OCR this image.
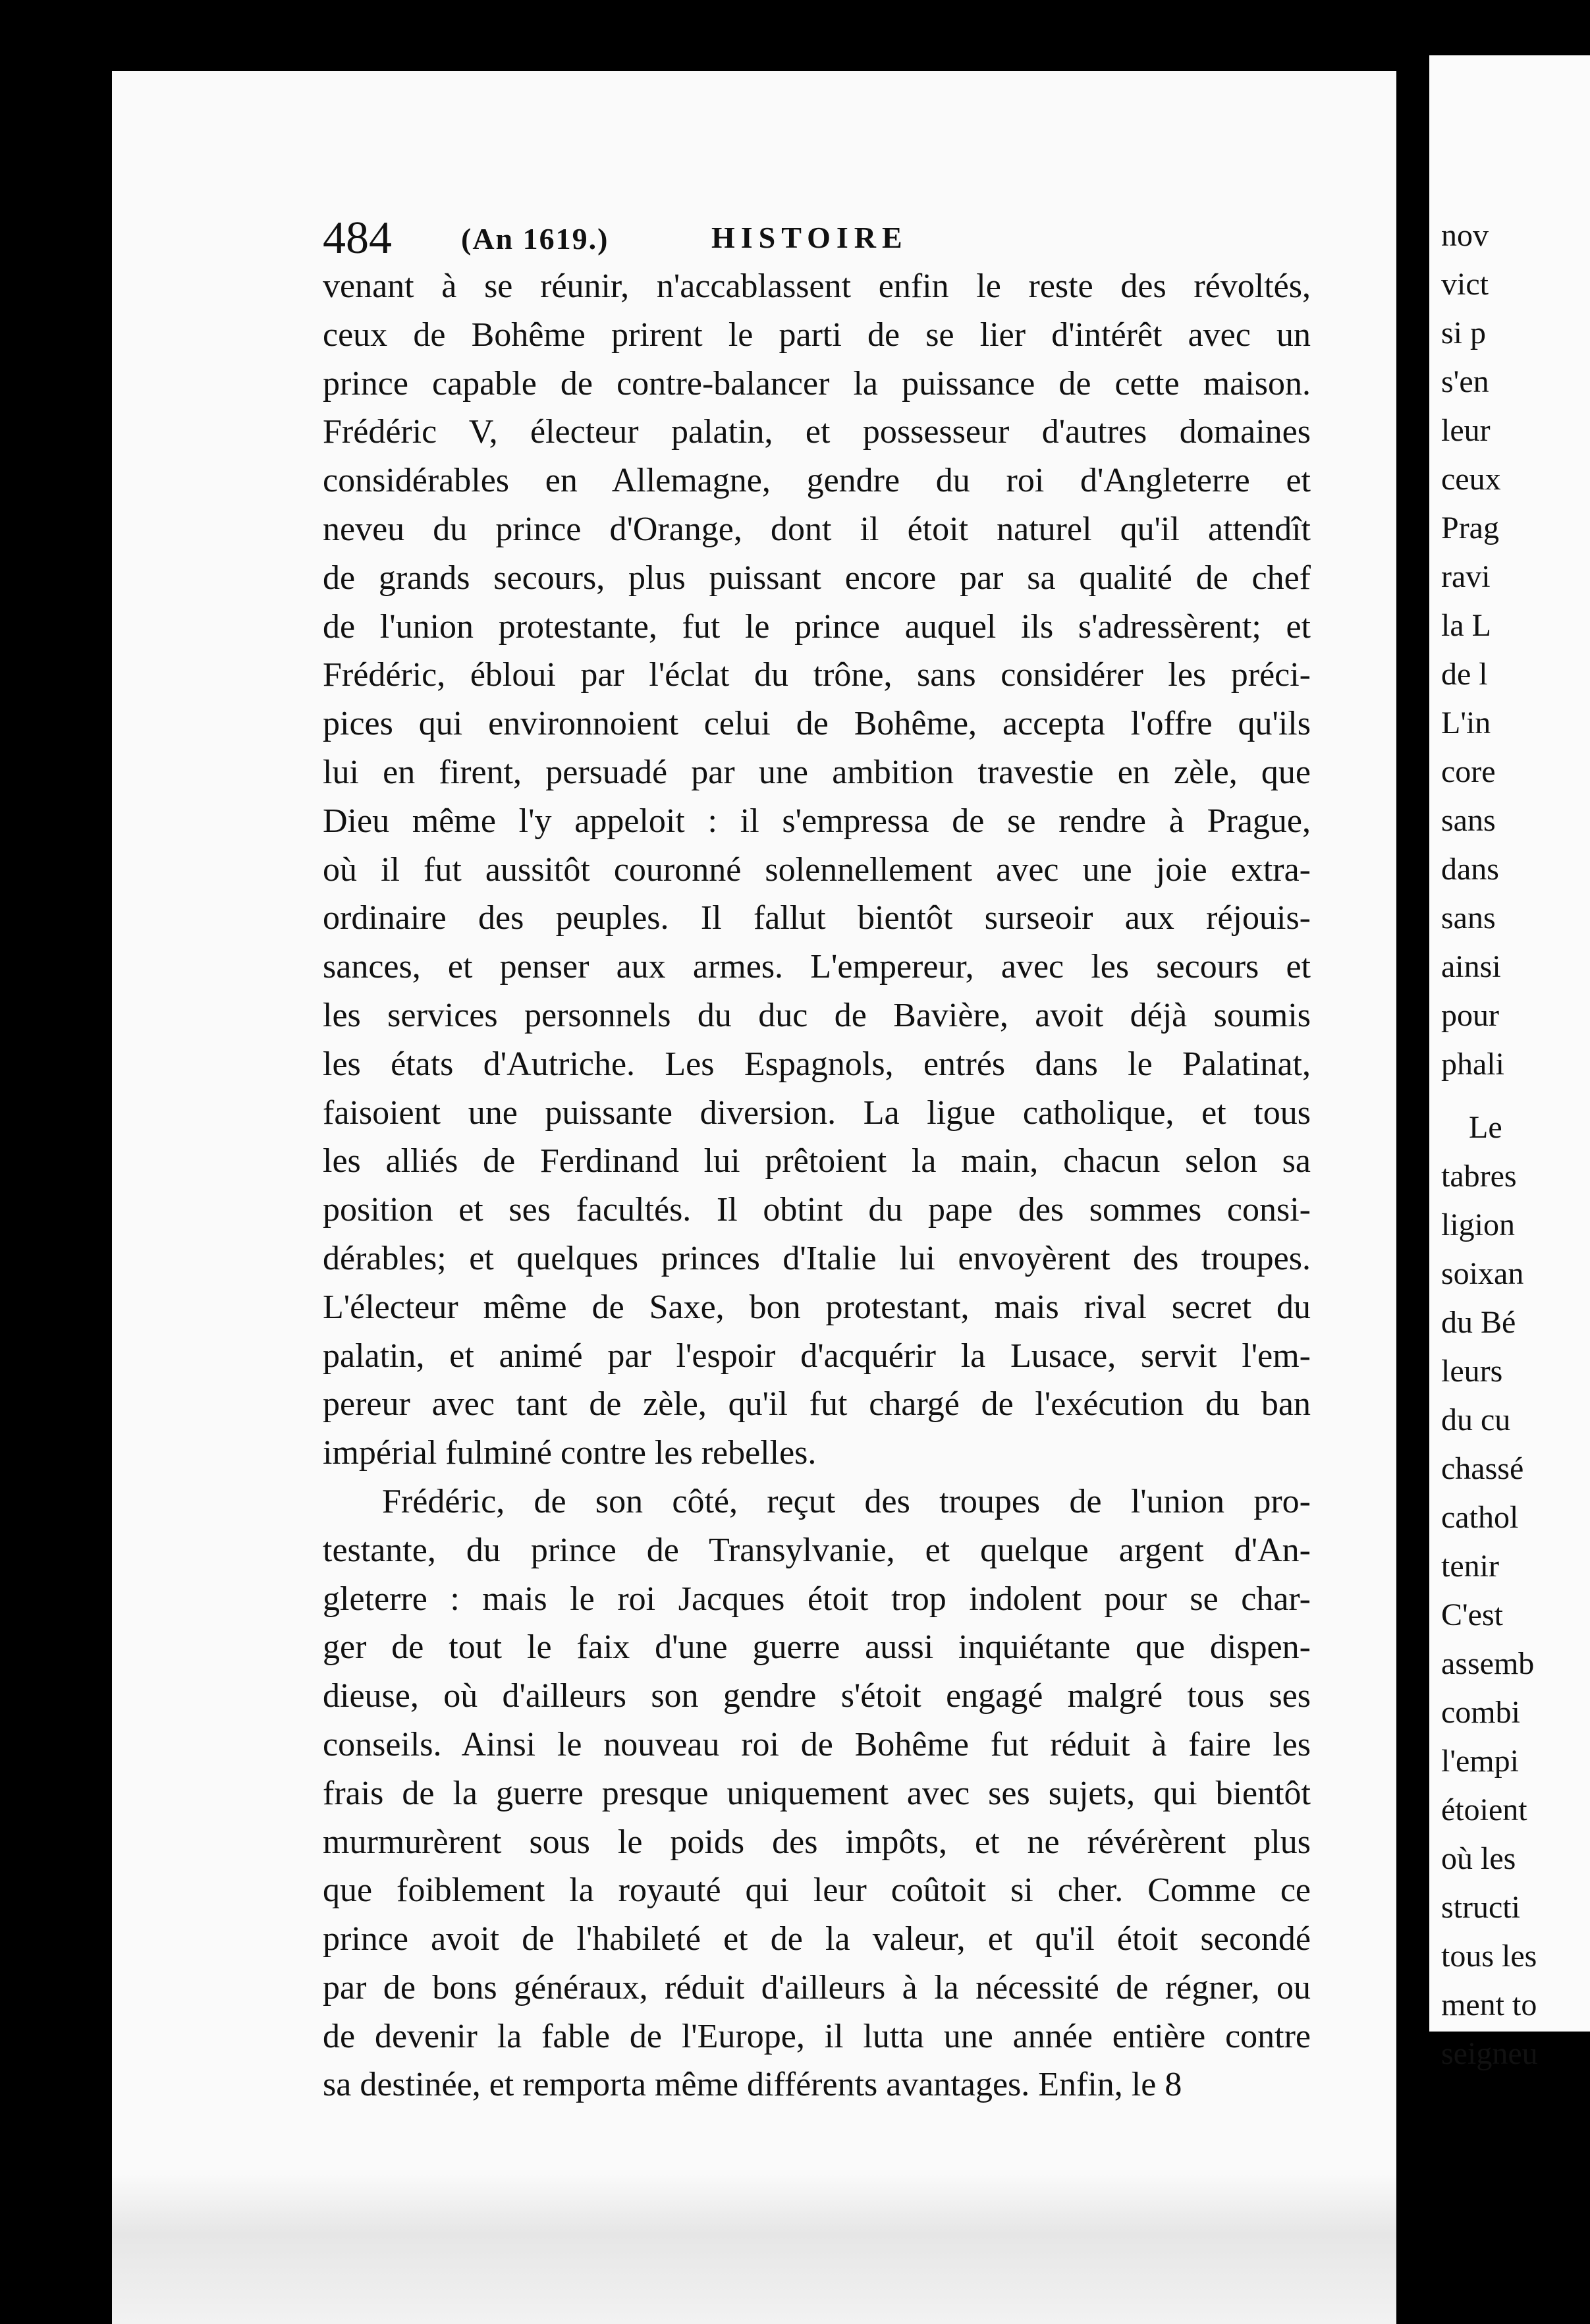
484 (An 1619.)	HISTOIRE
venant à se réunir, n'accablassent enfin le reste des révoltés,
ceux de Bohême prirent le parti de se lier d'intérêt avec un
prince capable de contre-balancer la puissance de cette maison.
Frédéric V, électeur palatin, et possesseur d'autres domaines
considérables en Allemagne, gendre du roi d'Angleterre et
neveu du prince d'Orange, dont il étoit naturel qu'il attendît
de grands secours, plus puissant encore par sa qualité de chef
de l'union protestante, fut le prince auquel ils s'adressèrent; et
Frédéric, ébloui par l'éclat du trône, sans considérer les préci-
pices qui environnoient celui de Bohême, accepta l'offre qu'ils
lui en firent, persuadé par une ambition travestie en zèle, que
Dieu même l'y appeloit : il s'empressa de se rendre à Prague,
où il fut aussitôt couronné solennellement avec une joie extra-
ordinaire des peuples. Il fallut bientôt surseoir aux réjouis-
sances, et penser aux armes. L'empereur, avec les secours et
les services personnels du duc de Bavière, avoit déjà soumis
les états d'Autriche. Les Espagnols, entrés dans le Palatinat,
faisoient une puissante diversion. La ligue catholique, et tous
les alliés de Ferdinand lui prêtoient la main, chacun selon sa
position et ses facultés. Il obtint du pape des sommes consi-
dérables; et quelques princes d'Italie lui envoyèrent des troupes.
L'électeur même de Saxe, bon protestant, mais rival secret du
palatin, et animé par l'espoir d'acquérir la Lusace, servit l'em-
pereur avec tant de zèle, qu'il fut chargé de l'exécution du ban
impérial fulminé contre les rebelles.
Frédéric, de son côté, reçut des troupes de l'union pro-
testante, du prince de Transylvanie, et quelque argent d'An-
gleterre : mais le roi Jacques étoit trop indolent pour se char-
ger de tout le faix d'une guerre aussi inquiétante que dispen-
dieuse, où d'ailleurs son gendre s'étoit engagé malgré tous ses
conseils. Ainsi le nouveau roi de Bohême fut réduit à faire les
frais de la guerre presque uniquement avec ses sujets, qui bientôt
murmurèrent sous le poids des impôts, et ne révérèrent plus
que foiblement la royauté qui leur coûtoit si cher. Comme ce
prince avoit de l'habileté et de la valeur, et qu'il étoit secondé
par de bons généraux, réduit d'ailleurs à la nécessité de régner, ou
de devenir la fable de l'Europe, il lutta une année entière contre
sa destinée, et remporta même différents avantages. Enfin, le 8
nov
vict
si p
s'en
leur
ceux
Prag
ravi
la L
de l
L'in
core
sans
dans
sans
ainsi
pour
phali
Le
tabres
ligion
soixan
du Bé
leurs
du cu
chassé
cathol
tenir
C'est
assemb
combi
l'empi
étoient
où les
structi
tous les
ment to
seigneu
